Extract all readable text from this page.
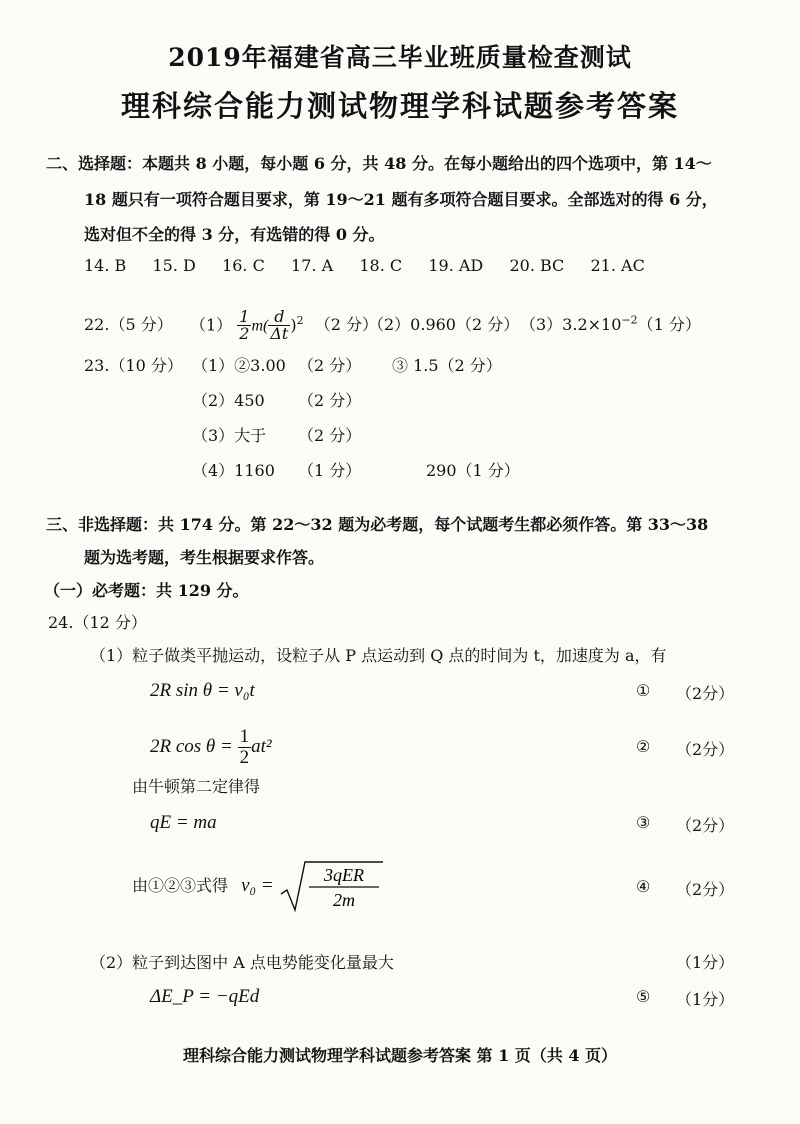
2019年福建省高三毕业班质量检查测试
理科综合能力测试物理学科试题参考答案
二、选择题：本题共 8 小题，每小题 6 分，共 48 分。在每小题给出的四个选项中，第 14～
18 题只有一项符合题目要求，第 19～21 题有多项符合题目要求。全部选对的得 6 分，
选对但不全的得 3 分，有选错的得 0 分。
14. B 15. D 16. C 17. A 18. C 19. AD 20. BC 21. AC
22.（5 分） $(1) \frac{1}{2} m( \frac{d}{\Delta t} )^2$ （2 分）
（2）0.960（2 分） $(3)3.2\times 10^{-2}(1$ 分）
23.（10 分） （1）②3.00 （2 分） ③ 1.5（2 分）
（2）450 （2 分）
（3）大于 （2 分）
（4）1160 （1 分）	290（1 分）
三、非选择题：共 174 分。第 22～32 题为必考题，每个试题考生都必须作答。第 33～38
题为选考题，考生根据要求作答。
（一）必考题：共 129 分。
24.（12 分）
（1）粒子做类平抛运动，设粒子从 P 点运动到 Q 点的时间为 t，加速度为 a，有
2R sin θ = v₀t	① （2分）
2R $\cos \theta = \frac{1}{2} at^2$	② （2分）
由牛顿第二定律得
qE = ma	③ （2分）
由①②③式得 v₀ =	3qER
2m
④ （2分）
（2）粒子到达图中 A 点电势能变化量最大	（1分）
ΔE_P = −qEd	⑤ （1分）
理科综合能力测试物理学科试题参考答案 第 1 页（共 4 页）
